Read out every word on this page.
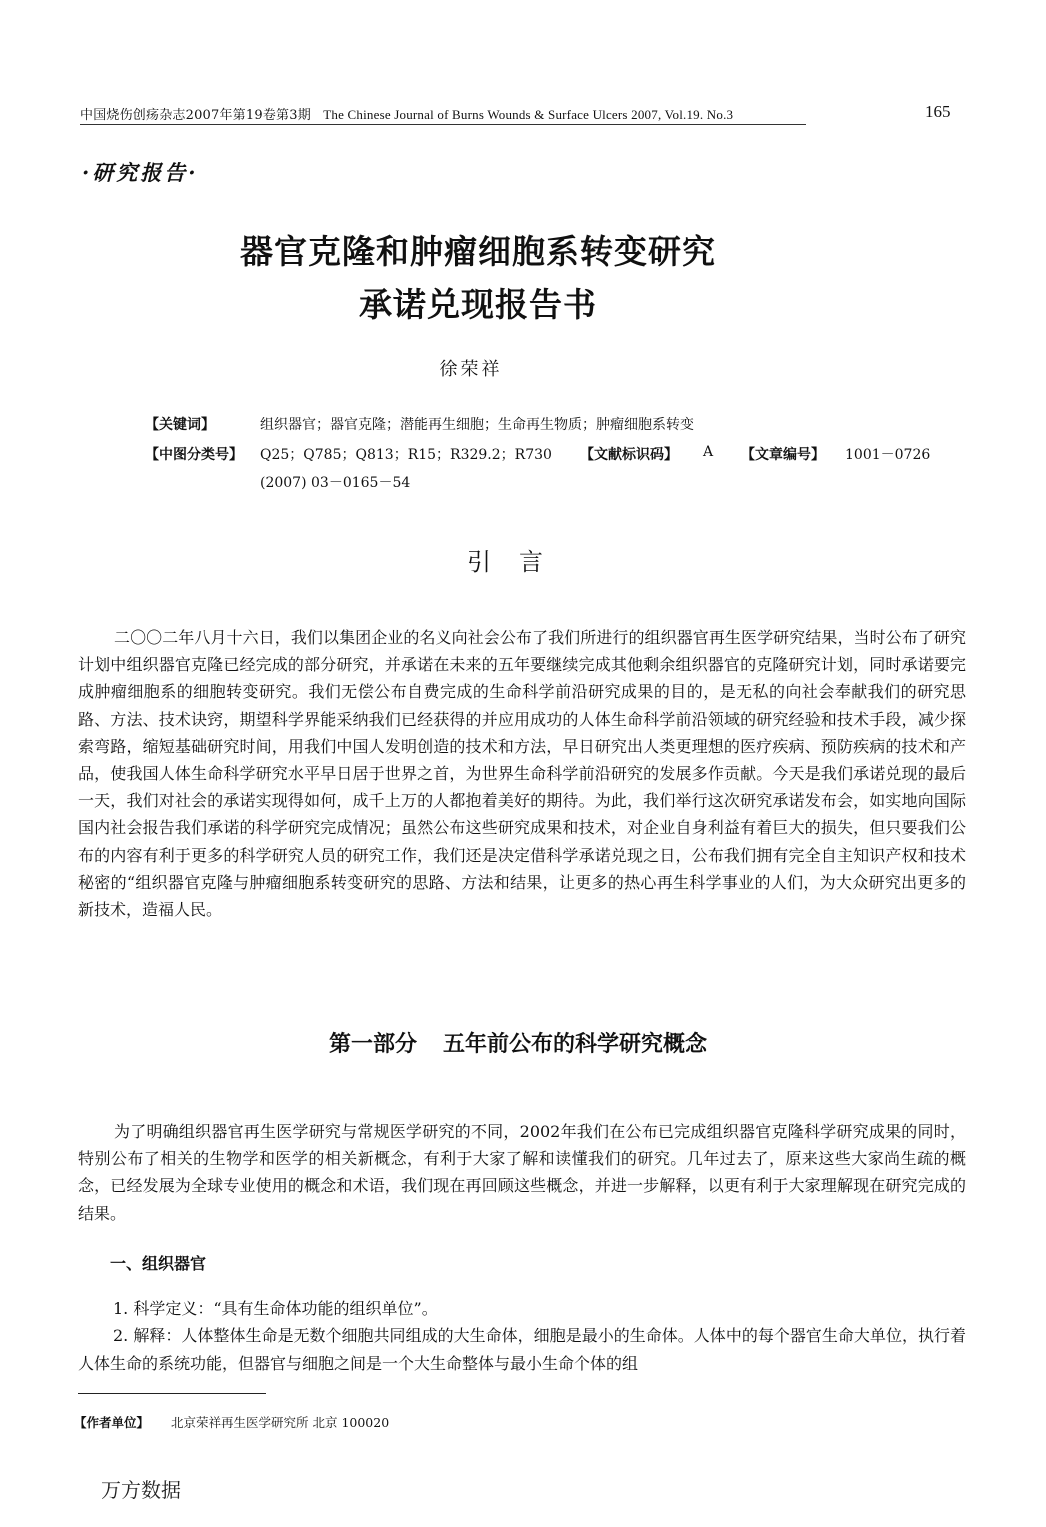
中国烧伤创疡杂志2007年第19卷第3期 The Chinese Journal of Burns Wounds & Surface Ulcers 2007, Vol.19. No.3	165
·研究报告·
器官克隆和肿瘤细胞系转变研究
承诺兑现报告书
徐荣祥
【关键词】	组织器官；器官克隆；潜能再生细胞；生命再生物质；肿瘤细胞系转变
【中图分类号】 Q25；Q785；Q813；R15；R329.2；R730 【文献标识码】 A 【文章编号】 1001－0726
(2007) 03－0165－54
引言
二〇〇二年八月十六日，我们以集团企业的名义向社会公布了我们所进行的组织器官再生医学研究结果，当时公布了研究计划中组织器官克隆已经完成的部分研究，并承诺在未来的五年要继续完成其他剩余组织器官的克隆研究计划，同时承诺要完成肿瘤细胞系的细胞转变研究。我们无偿公布自费完成的生命科学前沿研究成果的目的，是无私的向社会奉献我们的研究思路、方法、技术诀窍，期望科学界能采纳我们已经获得的并应用成功的人体生命科学前沿领域的研究经验和技术手段，减少探索弯路，缩短基础研究时间，用我们中国人发明创造的技术和方法，早日研究出人类更理想的医疗疾病、预防疾病的技术和产品，使我国人体生命科学研究水平早日居于世界之首，为世界生命科学前沿研究的发展多作贡献。今天是我们承诺兑现的最后一天，我们对社会的承诺实现得如何，成千上万的人都抱着美好的期待。为此，我们举行这次研究承诺发布会，如实地向国际国内社会报告我们承诺的科学研究完成情况；虽然公布这些研究成果和技术，对企业自身利益有着巨大的损失，但只要我们公布的内容有利于更多的科学研究人员的研究工作，我们还是决定借科学承诺兑现之日，公布我们拥有完全自主知识产权和技术秘密的“组织器官克隆与肿瘤细胞系转变研究的思路、方法和结果，让更多的热心再生科学事业的人们，为大众研究出更多的新技术，造福人民。
第一部分 五年前公布的科学研究概念
为了明确组织器官再生医学研究与常规医学研究的不同，2002年我们在公布已完成组织器官克隆科学研究成果的同时，特别公布了相关的生物学和医学的相关新概念，有利于大家了解和读懂我们的研究。几年过去了，原来这些大家尚生疏的概念，已经发展为全球专业使用的概念和术语，我们现在再回顾这些概念，并进一步解释，以更有利于大家理解现在研究完成的结果。
一、组织器官
1. 科学定义：“具有生命体功能的组织单位”。
2. 解释：人体整体生命是无数个细胞共同组成的大生命体，细胞是最小的生命体。人体中的每个器官生命大单位，执行着人体生命的系统功能，但器官与细胞之间是一个大生命整体与最小生命个体的组
【作者单位】 北京荣祥再生医学研究所 北京 100020
万方数据
